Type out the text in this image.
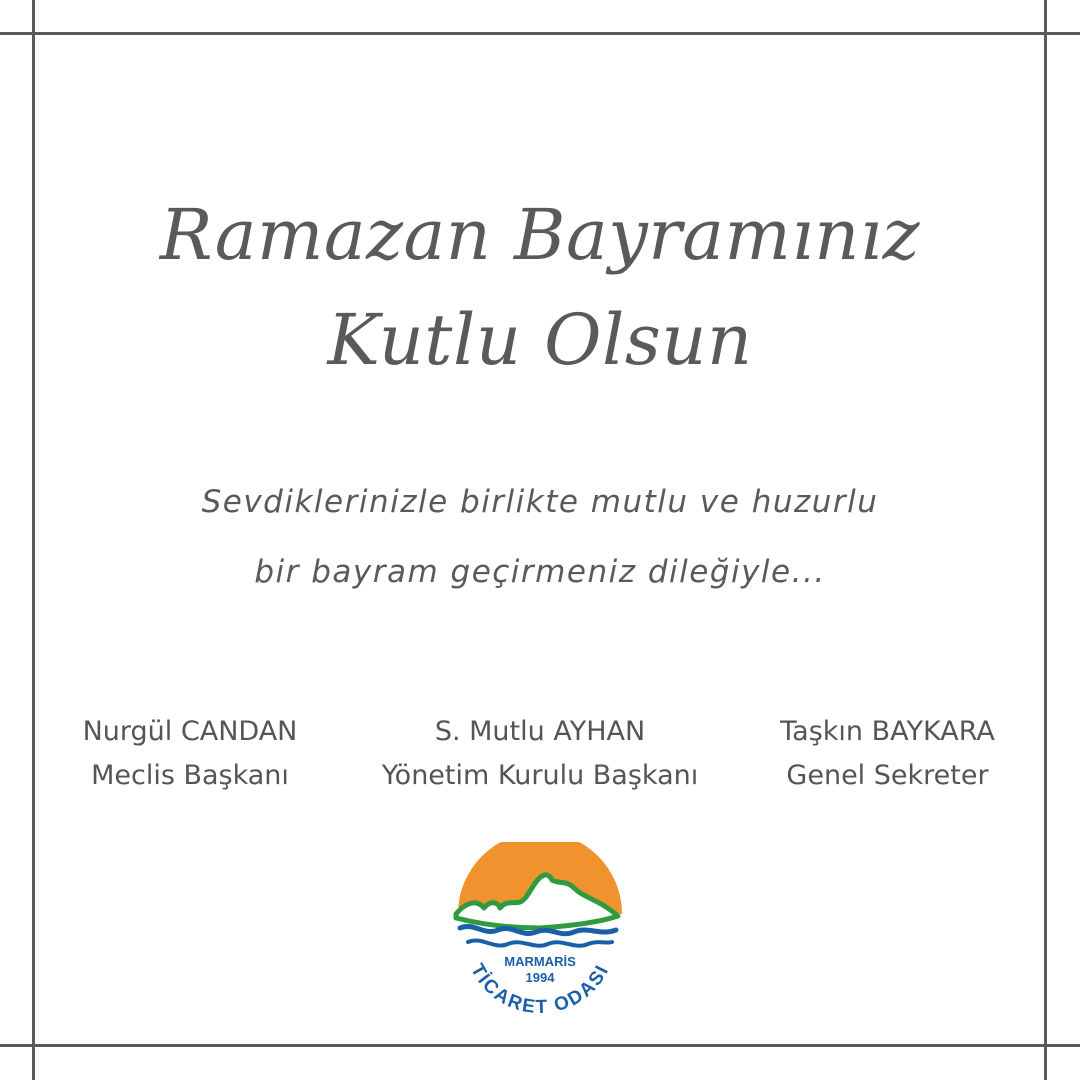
Ramazan Bayramınız
Kutlu Olsun
Sevdiklerinizle birlikte mutlu ve huzurlu
bir bayram geçirmeniz dileğiyle...
Nurgül CANDAN
Meclis Başkanı
S. Mutlu AYHAN
Yönetim Kurulu Başkanı
Taşkın BAYKARA
Genel Sekreter
MARMARİS
1994
TİCARET ODASI
